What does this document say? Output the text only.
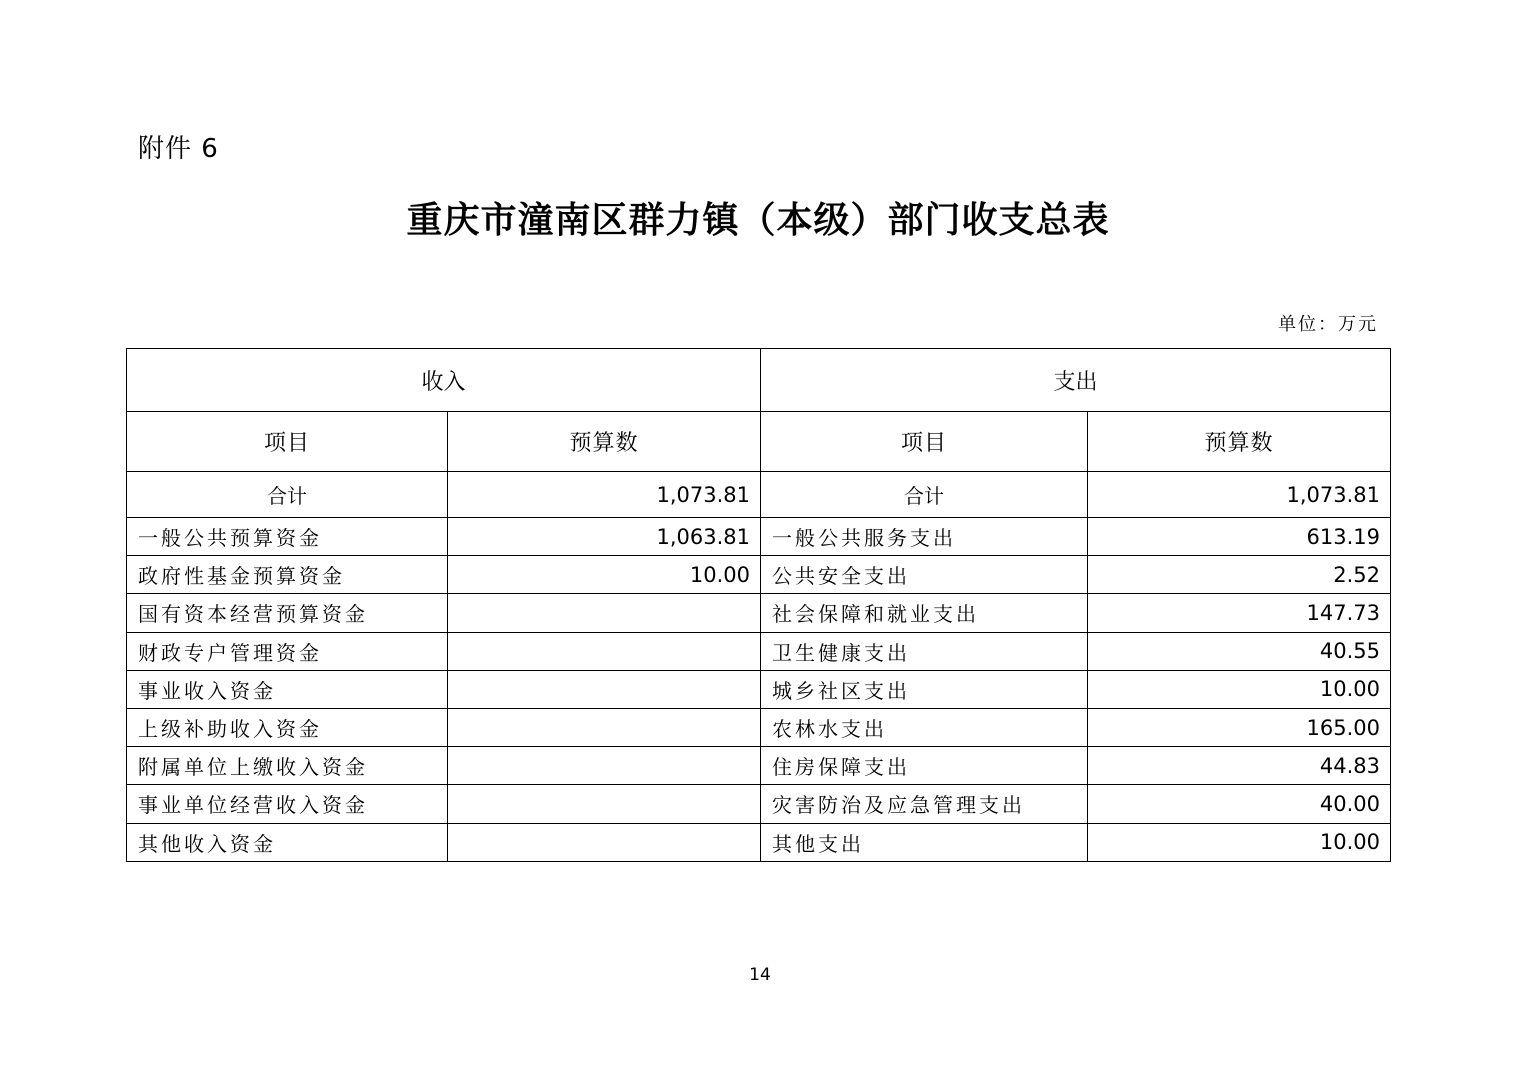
附件 6
重庆市潼南区群力镇（本级）部门收支总表
单位：万元
收入		支出	
项目	预算数	项目	预算数
合计	1,073.81	合计	1,073.81
一般公共预算资金	1,063.81	一般公共服务支出	613.19
政府性基金预算资金	10.00	公共安全支出	2.52
国有资本经营预算资金		社会保障和就业支出	147.73
财政专户管理资金		卫生健康支出	40.55
事业收入资金		城乡社区支出	10.00
上级补助收入资金		农林水支出	165.00
附属单位上缴收入资金		住房保障支出	44.83
事业单位经营收入资金		灾害防治及应急管理支出	40.00
其他收入资金		其他支出	10.00
14
